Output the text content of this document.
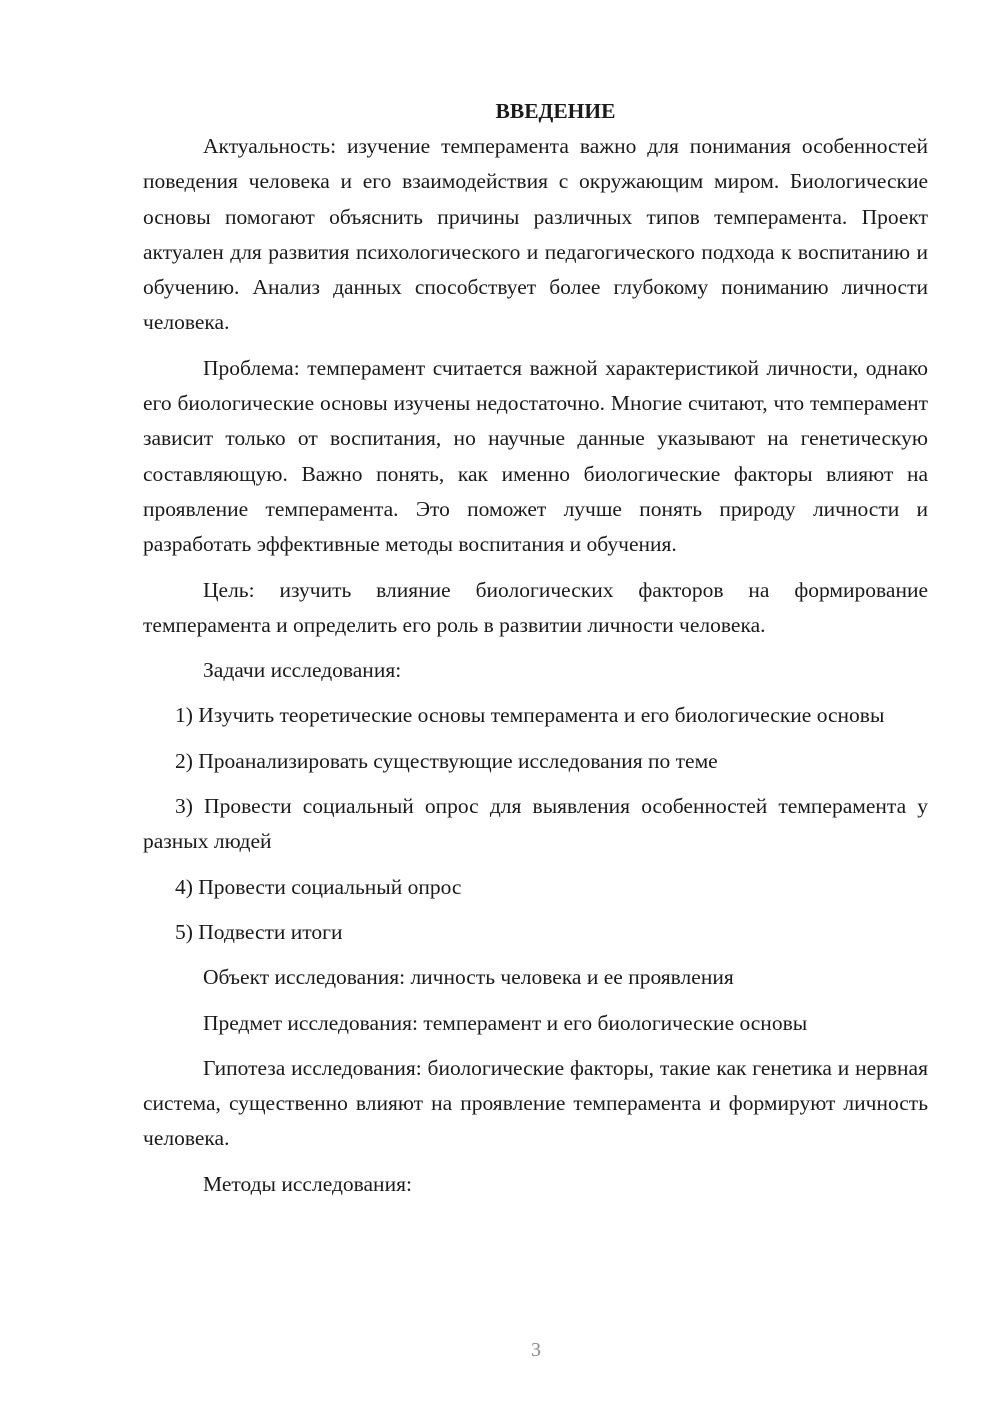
ВВЕДЕНИЕ

Актуальность: изучение темперамента важно для понимания особенностей поведения человека и его взаимодействия с окружающим миром. Биологические основы помогают объяснить причины различных типов темперамента. Проект актуален для развития психологического и педагогического подхода к воспитанию и обучению. Анализ данных способствует более глубокому пониманию личности человека.

Проблема: темперамент считается важной характеристикой личности, однако его биологические основы изучены недостаточно. Многие считают, что темперамент зависит только от воспитания, но научные данные указывают на генетическую составляющую. Важно понять, как именно биологические факторы влияют на проявление темперамента. Это поможет лучше понять природу личности и разработать эффективные методы воспитания и обучения.

Цель: изучить влияние биологических факторов на формирование темперамента и определить его роль в развитии личности человека.

Задачи исследования:

1) Изучить теоретические основы темперамента и его биологические основы

2) Проанализировать существующие исследования по теме

3) Провести социальный опрос для выявления особенностей темперамента у разных людей

4) Провести социальный опрос

5) Подвести итоги

Объект исследования: личность человека и ее проявления

Предмет исследования: темперамент и его биологические основы

Гипотеза исследования: биологические факторы, такие как генетика и нервная система, существенно влияют на проявление темперамента и формируют личность человека.

Методы исследования:

3
